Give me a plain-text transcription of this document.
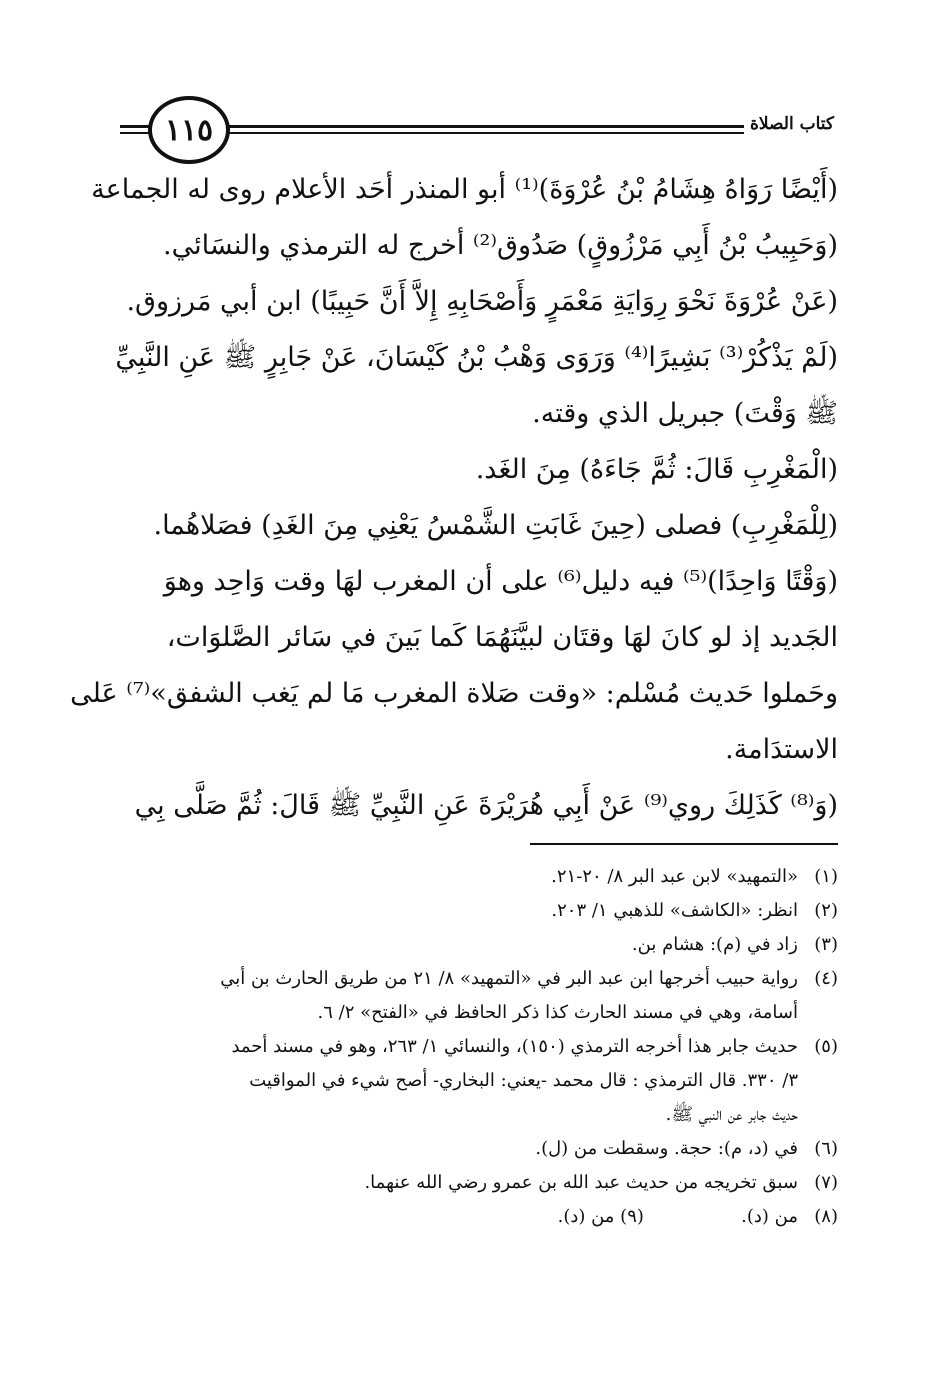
١١٥	كتاب الصلاة
(أَيْضًا رَوَاهُ هِشَامُ بْنُ عُرْوَةَ)⁽¹⁾ أبو المنذر أحَد الأعلام روى له الجماعة
(وَحَبِيبُ بْنُ أَبِي مَرْزُوقٍ) صَدُوق⁽²⁾ أخرج له الترمذي والنسَائي.
(عَنْ عُرْوَةَ نَحْوَ رِوَايَةِ مَعْمَرٍ وَأَصْحَابِهِ إِلاَّ أَنَّ حَبِيبًا) ابن أبي مَرزوق.
(لَمْ يَذْكُرْ⁽³⁾ بَشِيرًا⁽⁴⁾ وَرَوَى وَهْبُ بْنُ كَيْسَانَ، عَنْ جَابِرٍ ﷺ عَنِ النَّبِيِّ
ﷺ وَقْتَ) جبريل الذي وقته.
(الْمَغْرِبِ قَالَ: ثُمَّ جَاءَهُ) مِنَ الغَد.
(لِلْمَغْرِبِ) فصلى (حِينَ غَابَتِ الشَّمْسُ يَعْنِي مِنَ الغَدِ) فصَلاهُما.
(وَقْتًا وَاحِدًا)⁽⁵⁾ فيه دليل⁽⁶⁾ على أن المغرب لهَا وقت وَاحِد وهوَ
الجَديد إذ لو كانَ لهَا وقتَان لبيَّنَهُمَا كَما بَينَ في سَائر الصَّلوَات،
وحَملوا حَديث مُسْلم: «وقت صَلاة المغرب مَا لم يَغب الشفق»⁽⁷⁾ عَلى
الاستدَامة.
(وَ⁽⁸⁾ كَذَلِكَ روي⁽⁹⁾ عَنْ أَبِي هُرَيْرَةَ عَنِ النَّبِيِّ ﷺ قَالَ: ثُمَّ صَلَّى بِي
(١)
«التمهيد» لابن عبد البر ٨/ ٢٠-٢١.
(٢)
انظر: «الكاشف» للذهبي ١/ ٢٠٣.
(٣)
زاد في (م): هشام بن.
(٤)
رواية حبيب أخرجها ابن عبد البر في «التمهيد» ٨/ ٢١ من طريق الحارث بن أبي
أسامة، وهي في مسند الحارث كذا ذكر الحافظ في «الفتح» ٢/ ٦.
(٥)
حديث جابر هذا أخرجه الترمذي (١٥٠)، والنسائي ١/ ٢٦٣، وهو في مسند أحمد
٣/ ٣٣٠. قال الترمذي : قال محمد -يعني: البخاري- أصح شيء في المواقيت
حديث جابر عن النبي ﷺ.
(٦)
في (د، م): حجة. وسقطت من (ل).
(٧)
سبق تخريجه من حديث عبد الله بن عمرو رضي الله عنهما.
(٨)
من (د).                 (٩) من (د).
